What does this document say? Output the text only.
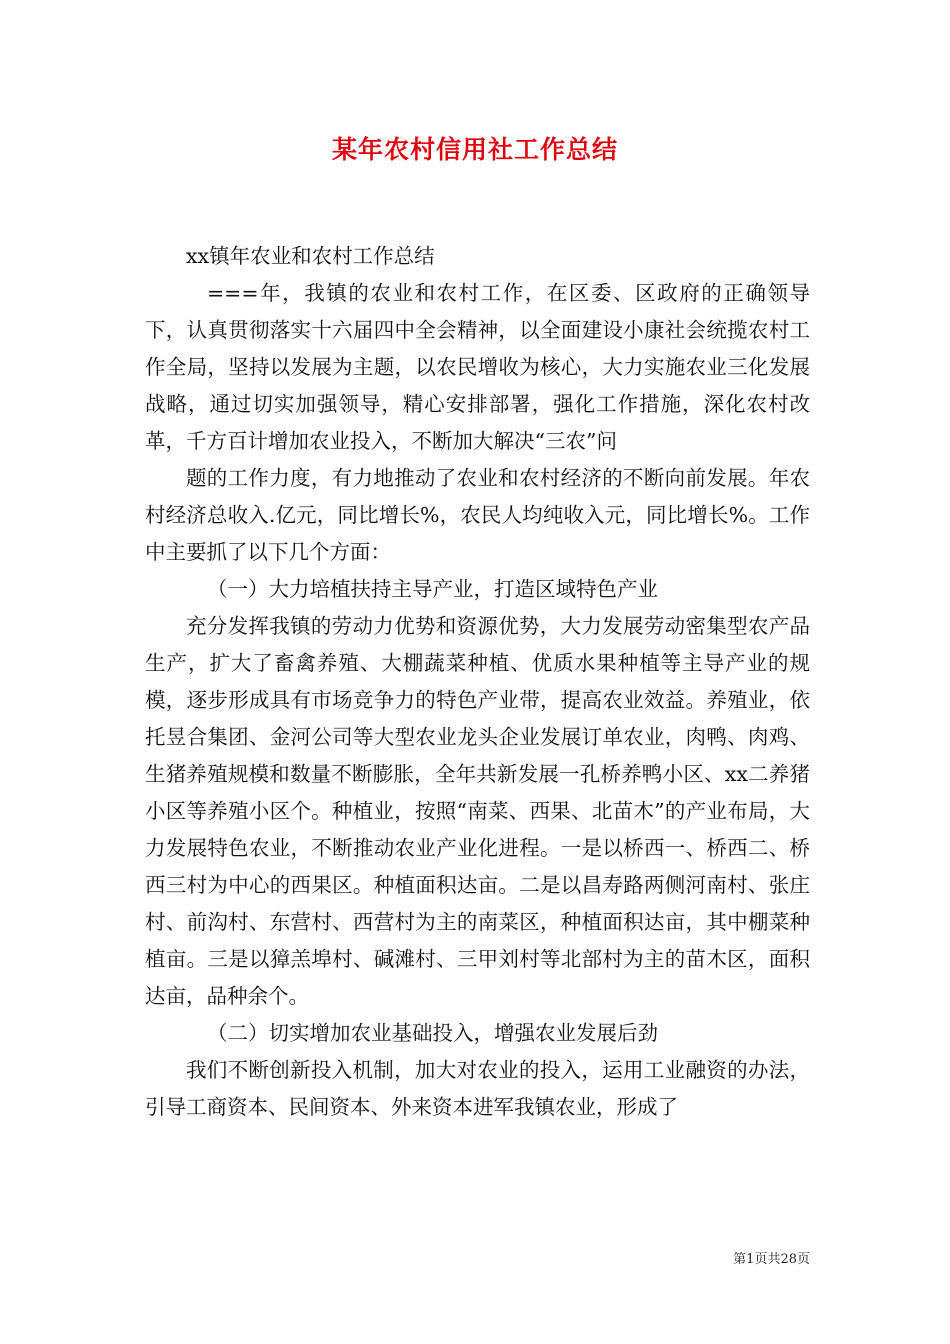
某年农村信用社工作总结

xx镇年农业和农村工作总结

===年，我镇的农业和农村工作，在区委、区政府的正确领导下，认真贯彻落实十六届四中全会精神，以全面建设小康社会统揽农村工作全局，坚持以发展为主题，以农民增收为核心，大力实施农业三化发展战略，通过切实加强领导，精心安排部署，强化工作措施，深化农村改革，千方百计增加农业投入，不断加大解决“三农”问

题的工作力度，有力地推动了农业和农村经济的不断向前发展。年农村经济总收入.亿元，同比增长%，农民人均纯收入元，同比增长%。工作中主要抓了以下几个方面：

（一）大力培植扶持主导产业，打造区域特色产业

充分发挥我镇的劳动力优势和资源优势，大力发展劳动密集型农产品生产，扩大了畜禽养殖、大棚蔬菜种植、优质水果种植等主导产业的规模，逐步形成具有市场竞争力的特色产业带，提高农业效益。养殖业，依托昱合集团、金河公司等大型农业龙头企业发展订单农业，肉鸭、肉鸡、生猪养殖规模和数量不断膨胀，全年共新发展一孔桥养鸭小区、xx二养猪小区等养殖小区个。种植业，按照“南菜、西果、北苗木”的产业布局，大力发展特色农业，不断推动农业产业化进程。一是以桥西一、桥西二、桥西三村为中心的西果区。种植面积达亩。二是以昌寿路两侧河南村、张庄村、前沟村、东营村、西营村为主的南菜区，种植面积达亩，其中棚菜种植亩。三是以獐羔埠村、碱滩村、三甲刘村等北部村为主的苗木区，面积达亩，品种余个。

（二）切实增加农业基础投入，增强农业发展后劲

我们不断创新投入机制，加大对农业的投入，运用工业融资的办法，引导工商资本、民间资本、外来资本进军我镇农业，形成了

第1页共28页
